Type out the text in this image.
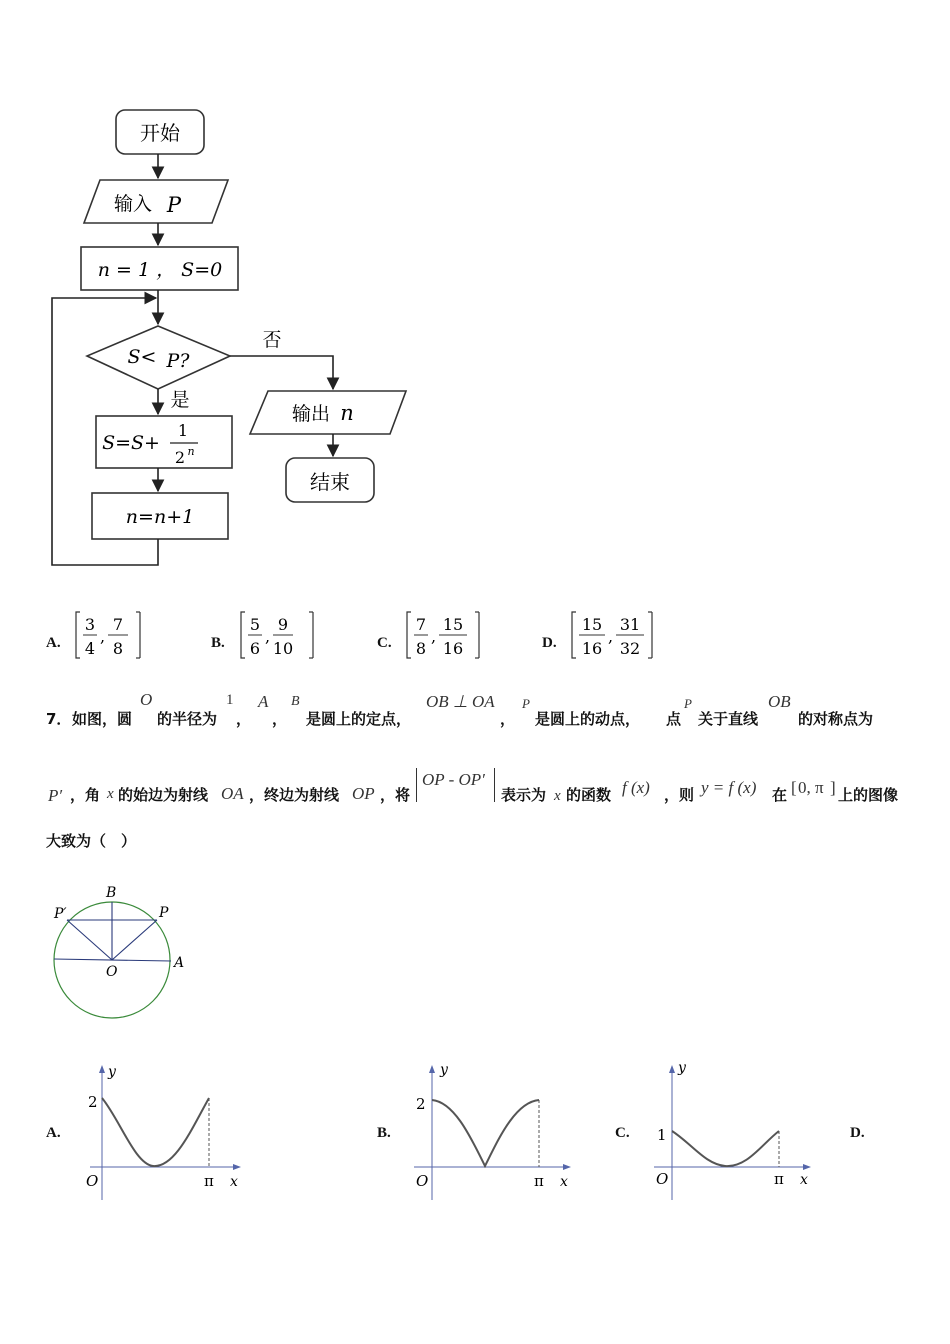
开始
输入 P
n = 1 ， S=0
S< P?
否
是
S=S+
1
2 n
n=n+1
输出 n
结束
A.
3
4
,
7
8	B.
5
6
,
9
10	C.
7
8
,
15
16	D.
15
16
,
31
32
7． 如图，圆
O
的半径为
1
，
A
，
B
是圆上的定点，
OB ⊥ OA
，
P
是圆上的动点， 点
P
关于直线
OB
的对称点为
P′ ，角 x 的始边为射线 OA ，终边为射线 OP ，将
OP - OP′
表示为 x 的函数 f (x) ，则 y = f (x) 在 [ 0, π ] 上的图像
大致为（　）
B
P
P′
O
A
A.
y
2
O	π x
B.
y
2
O	π x
C.
y
1
O	π x
D.
